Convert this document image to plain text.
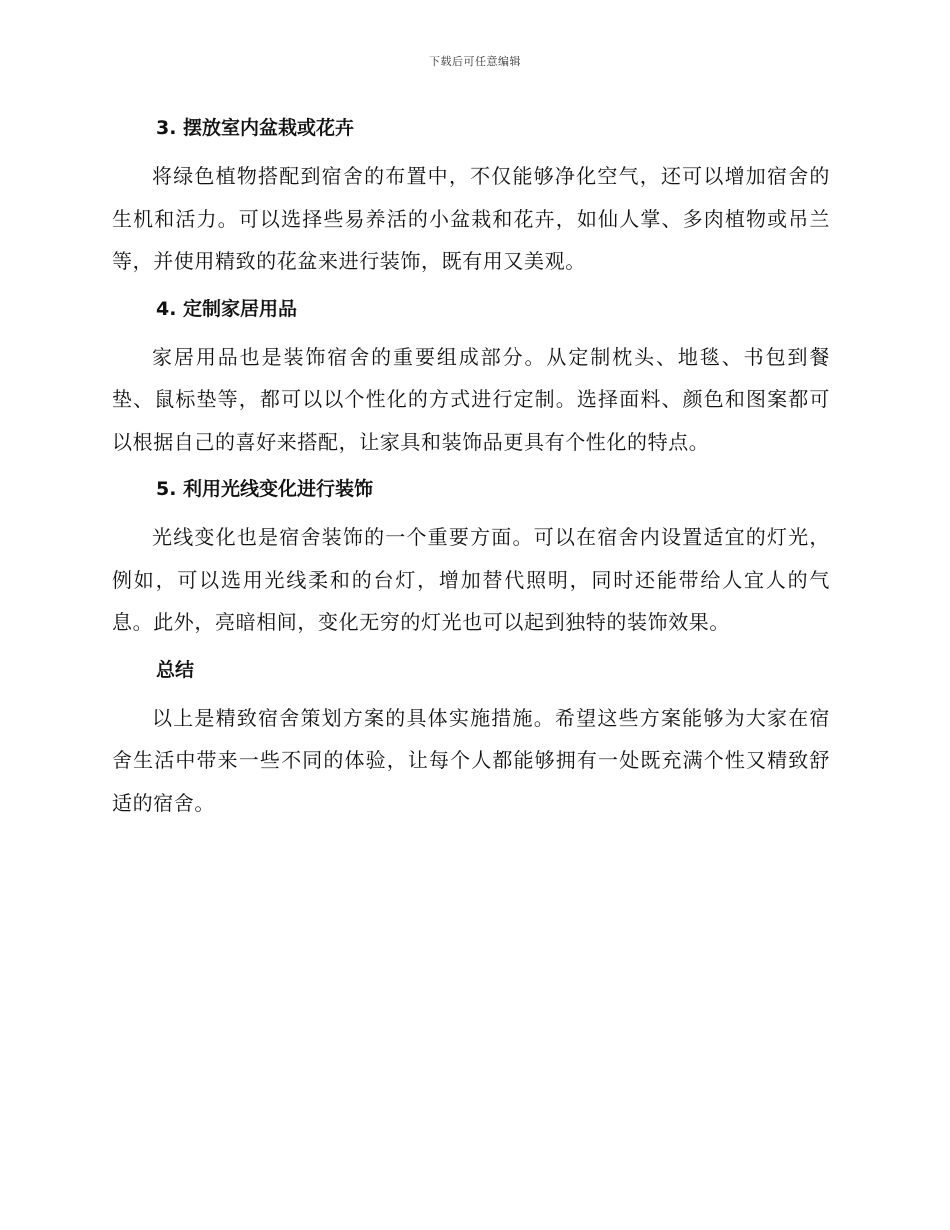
下载后可任意编辑
3. 摆放室内盆栽或花卉

将绿色植物搭配到宿舍的布置中，不仅能够净化空气，还可以增加宿舍的生机和活力。可以选择些易养活的小盆栽和花卉，如仙人掌、多肉植物或吊兰等，并使用精致的花盆来进行装饰，既有用又美观。

4. 定制家居用品

家居用品也是装饰宿舍的重要组成部分。从定制枕头、地毯、书包到餐垫、鼠标垫等，都可以以个性化的方式进行定制。选择面料、颜色和图案都可以根据自己的喜好来搭配，让家具和装饰品更具有个性化的特点。

5. 利用光线变化进行装饰

光线变化也是宿舍装饰的一个重要方面。可以在宿舍内设置适宜的灯光，例如，可以选用光线柔和的台灯，增加替代照明，同时还能带给人宜人的气息。此外，亮暗相间，变化无穷的灯光也可以起到独特的装饰效果。

总结

以上是精致宿舍策划方案的具体实施措施。希望这些方案能够为大家在宿舍生活中带来一些不同的体验，让每个人都能够拥有一处既充满个性又精致舒适的宿舍。
